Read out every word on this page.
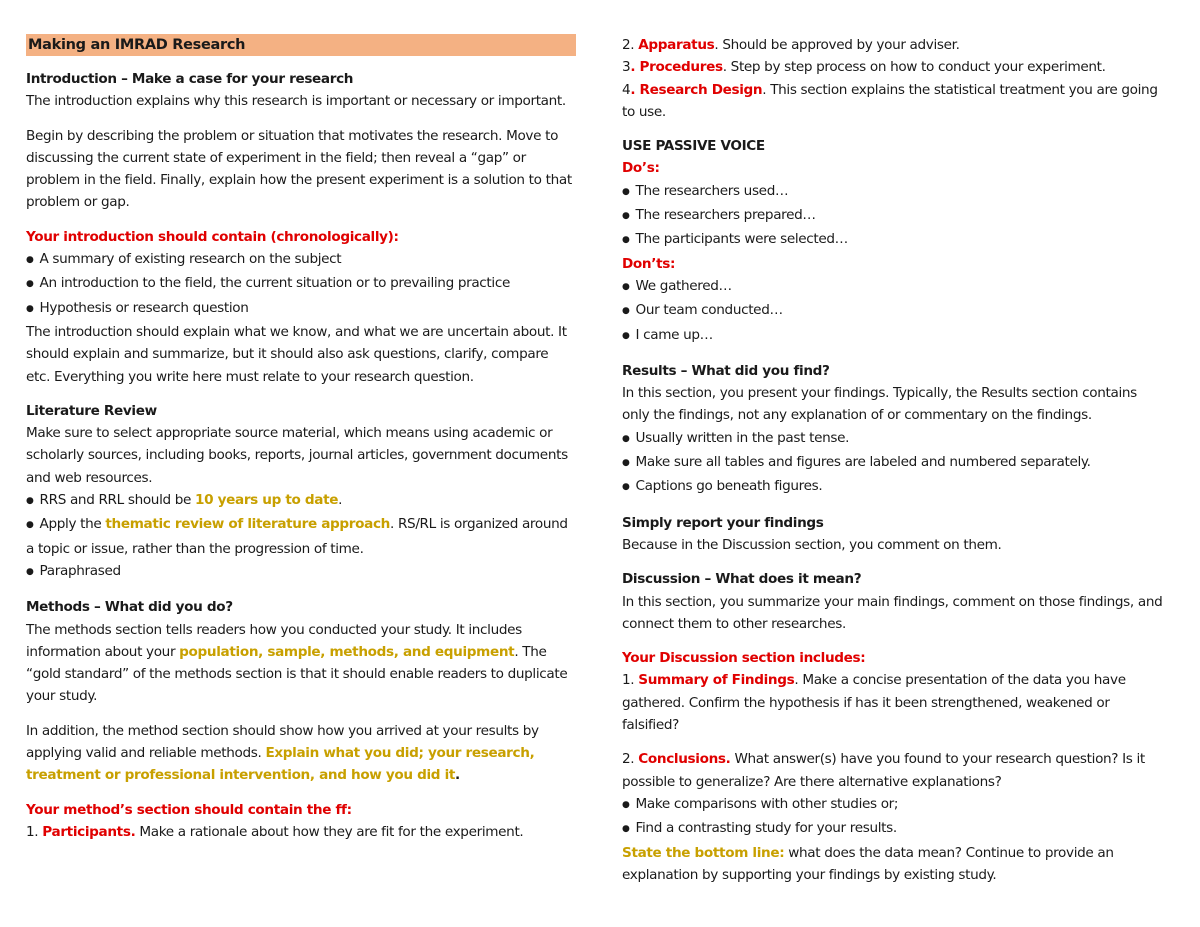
Making an IMRAD Research

Introduction – Make a case for your research

The introduction explains why this research is important or necessary or important.

Begin by describing the problem or situation that motivates the research. Move to discussing the current state of experiment in the field; then reveal a “gap” or problem in the field. Finally, explain how the present experiment is a solution to that problem or gap.

Your introduction should contain (chronologically):

● A summary of existing research on the subject

● An introduction to the field, the current situation or to prevailing practice

● Hypothesis or research question

The introduction should explain what we know, and what we are uncertain about. It should explain and summarize, but it should also ask questions, clarify, compare etc. Everything you write here must relate to your research question.

Literature Review

Make sure to select appropriate source material, which means using academic or scholarly sources, including books, reports, journal articles, government documents and web resources.

● RRS and RRL should be 10 years up to date.

● Apply the thematic review of literature approach. RS/RL is organized around a topic or issue, rather than the progression of time.

● Paraphrased

Methods – What did you do?

The methods section tells readers how you conducted your study. It includes information about your population, sample, methods, and equipment. The “gold standard” of the methods section is that it should enable readers to duplicate your study.

In addition, the method section should show how you arrived at your results by applying valid and reliable methods. Explain what you did; your research, treatment or professional intervention, and how you did it.

Your method’s section should contain the ff:

1. Participants. Make a rationale about how they are fit for the experiment.

2. Apparatus. Should be approved by your adviser.

3. Procedures. Step by step process on how to conduct your experiment.

4. Research Design. This section explains the statistical treatment you are going to use.

USE PASSIVE VOICE

Do’s:

● The researchers used…

● The researchers prepared…

● The participants were selected…

Don’ts:

● We gathered…

● Our team conducted…

● I came up…

Results – What did you find?

In this section, you present your findings. Typically, the Results section contains only the findings, not any explanation of or commentary on the findings.

● Usually written in the past tense.

● Make sure all tables and figures are labeled and numbered separately.

● Captions go beneath figures.

Simply report your findings

Because in the Discussion section, you comment on them.

Discussion – What does it mean?

In this section, you summarize your main findings, comment on those findings, and connect them to other researches.

Your Discussion section includes:

1. Summary of Findings. Make a concise presentation of the data you have gathered. Confirm the hypothesis if has it been strengthened, weakened or falsified?

2. Conclusions. What answer(s) have you found to your research question? Is it possible to generalize? Are there alternative explanations?

● Make comparisons with other studies or;

● Find a contrasting study for your results.

State the bottom line: what does the data mean? Continue to provide an explanation by supporting your findings by existing study.
